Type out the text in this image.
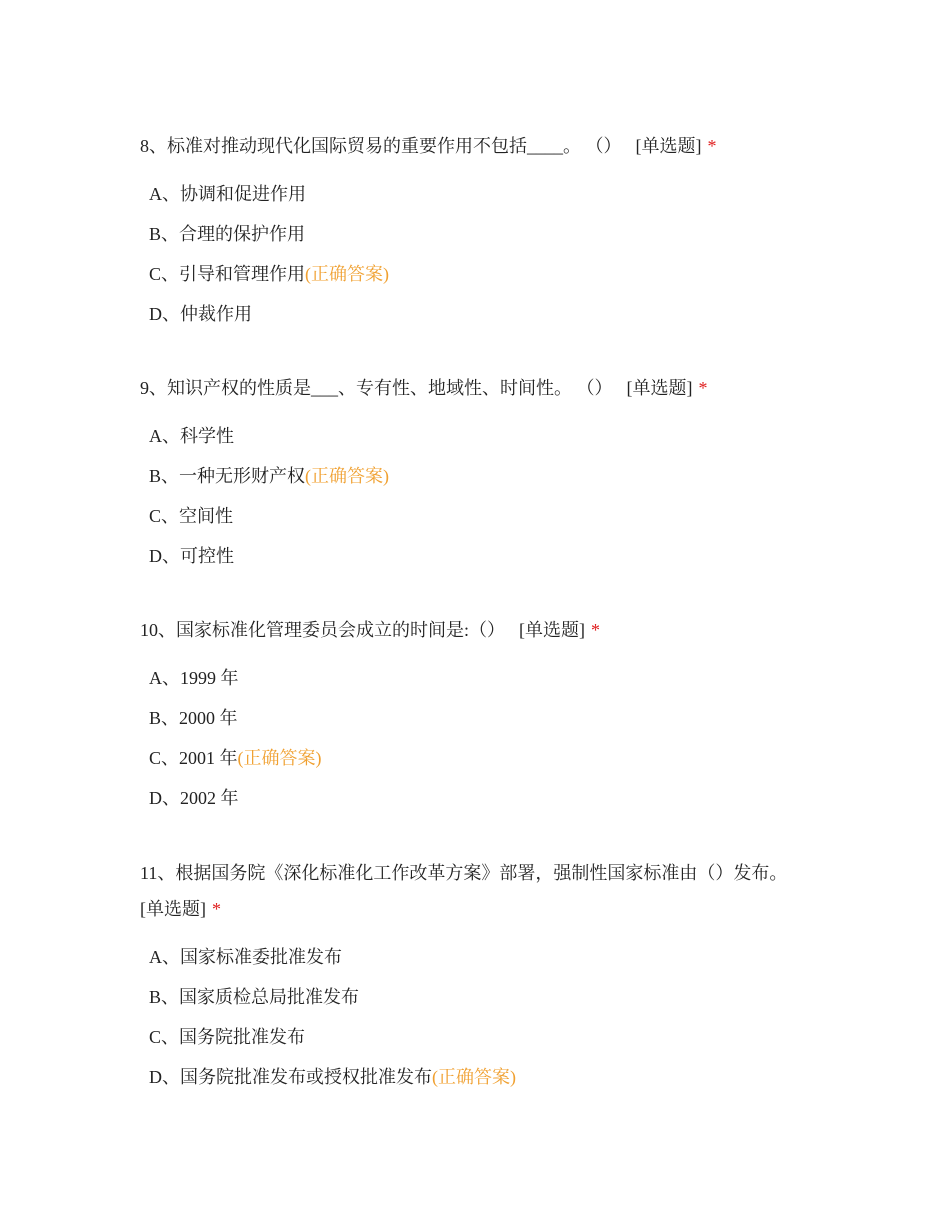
8、标准对推动现代化国际贸易的重要作用不包括____。 （） [单选题] *

A、协调和促进作用
B、合理的保护作用
C、引导和管理作用(正确答案)
D、仲裁作用

9、知识产权的性质是___、专有性、地域性、时间性。 （） [单选题] *

A、科学性
B、一种无形财产权(正确答案)
C、空间性
D、可控性

10、国家标准化管理委员会成立的时间是:（） [单选题] *

A、1999 年
B、2000 年
C、2001 年(正确答案)
D、2002 年

11、根据国务院《深化标准化工作改革方案》部署，强制性国家标准由（）发布。
[单选题] *

A、国家标准委批准发布
B、国家质检总局批准发布
C、国务院批准发布
D、国务院批准发布或授权批准发布(正确答案)
